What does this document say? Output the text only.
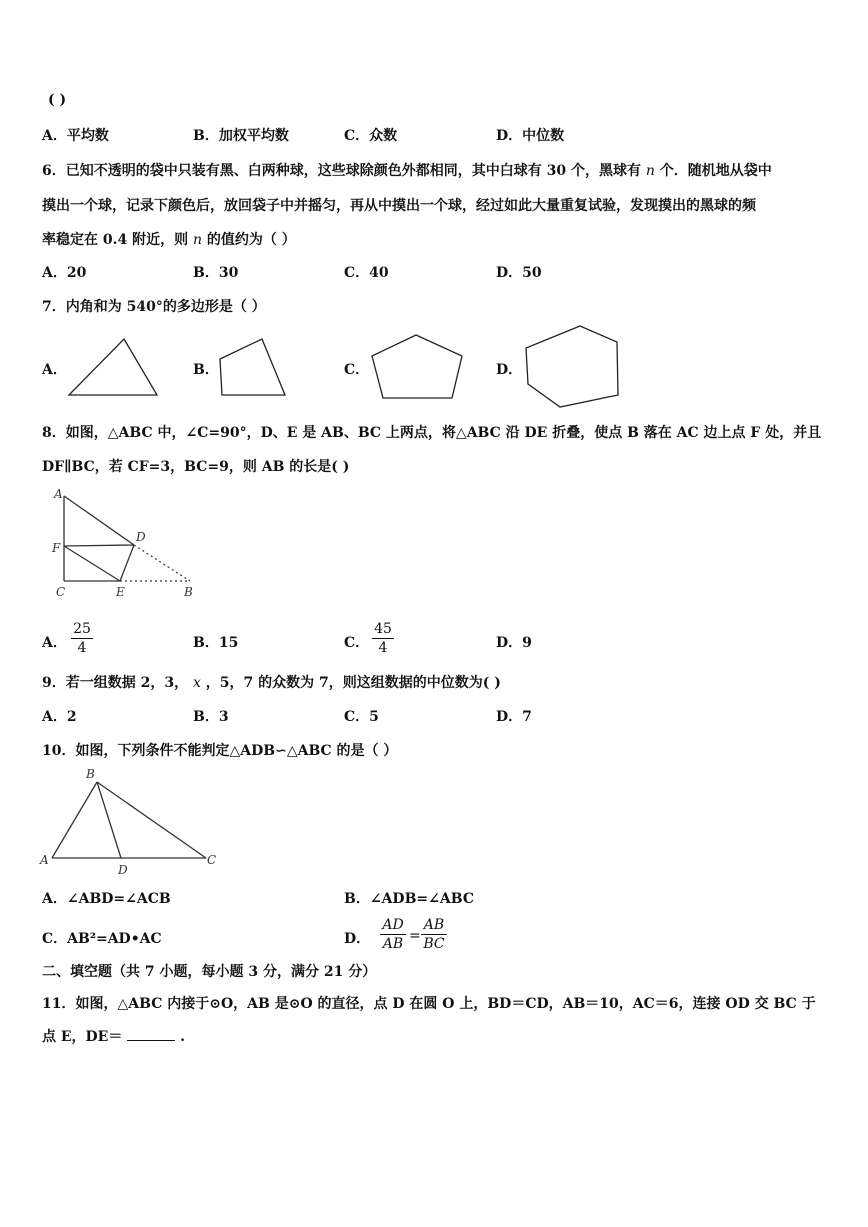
( )
A．平均数	B．加权平均数	C．众数	D．中位数
6．已知不透明的袋中只装有黑、白两种球，这些球除颜色外都相同，其中白球有 30 个，黑球有 n 个．随机地从袋中
摸出一个球，记录下颜色后，放回袋子中并摇匀，再从中摸出一个球，经过如此大量重复试验，发现摸出的黑球的频
率稳定在 0.4 附近，则 n 的值约为（ ）
A．20	B．30	C．40	D．50
7．内角和为 540°的多边形是（ ）
A．	B．	C．	D．
8．如图，△ABC 中，∠C=90°，D、E 是 AB、BC 上两点，将△ABC 沿 DE 折叠，使点 B 落在 AC 边上点 F 处，并且
DF∥BC，若 CF=3，BC=9，则 AB 的长是( )
A
D
F
C	E	B
A．
25
4	B．15	C．
45
4	D．9
9．若一组数据 2，3， x ，5，7 的众数为 7，则这组数据的中位数为( )
A．2	B．3	C．5	D．7
10．如图，下列条件不能判定△ADB∽△ABC 的是（ ）
B
A
D
C
A．∠ABD=∠ACB	B．∠ADB=∠ABC
C．AB²=AD•AC	D．
AD
AB =
AB
BC
二、填空题（共 7 小题，每小题 3 分，满分 21 分）
11．如图，△ABC 内接于⊙O，AB 是⊙O 的直径，点 D 在圆 O 上，BD＝CD，AB＝10，AC＝6，连接 OD 交 BC 于
点 E，DE＝	.
